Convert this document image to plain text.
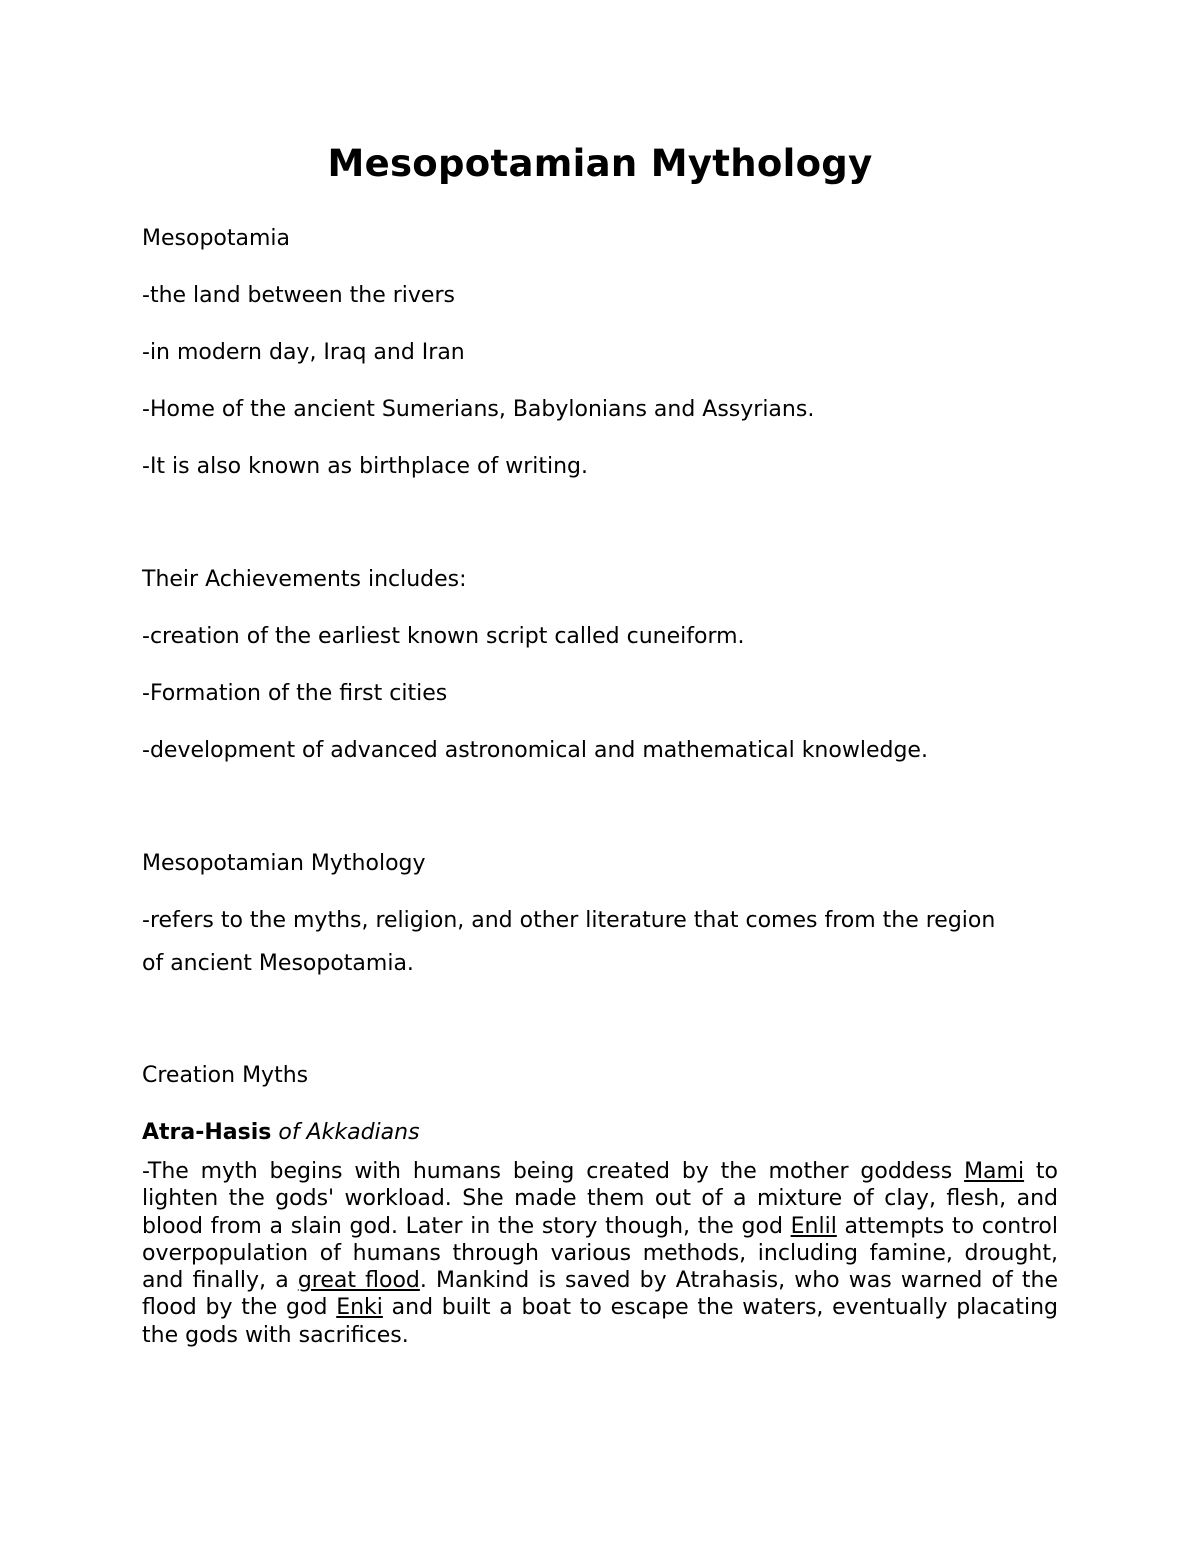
Mesopotamian Mythology
Mesopotamia
-the land between the rivers
-in modern day, Iraq and Iran
-Home of the ancient Sumerians, Babylonians and Assyrians.
-It is also known as birthplace of writing.
Their Achievements includes:
-creation of the earliest known script called cuneiform.
-Formation of the first cities
-development of advanced astronomical and mathematical knowledge.
Mesopotamian Mythology
-refers to the myths, religion, and other literature that comes from the region
of ancient Mesopotamia.
Creation Myths
Atra-Hasis of Akkadians
-The myth begins with humans being created by the mother goddess Mami to lighten the gods' workload. She made them out of a mixture of clay, flesh, and blood from a slain god. Later in the story though, the god Enlil attempts to control overpopulation of humans through various methods, including famine, drought, and finally, a great flood. Mankind is saved by Atrahasis, who was warned of the flood by the god Enki and built a boat to escape the waters, eventually placating the gods with sacrifices.
